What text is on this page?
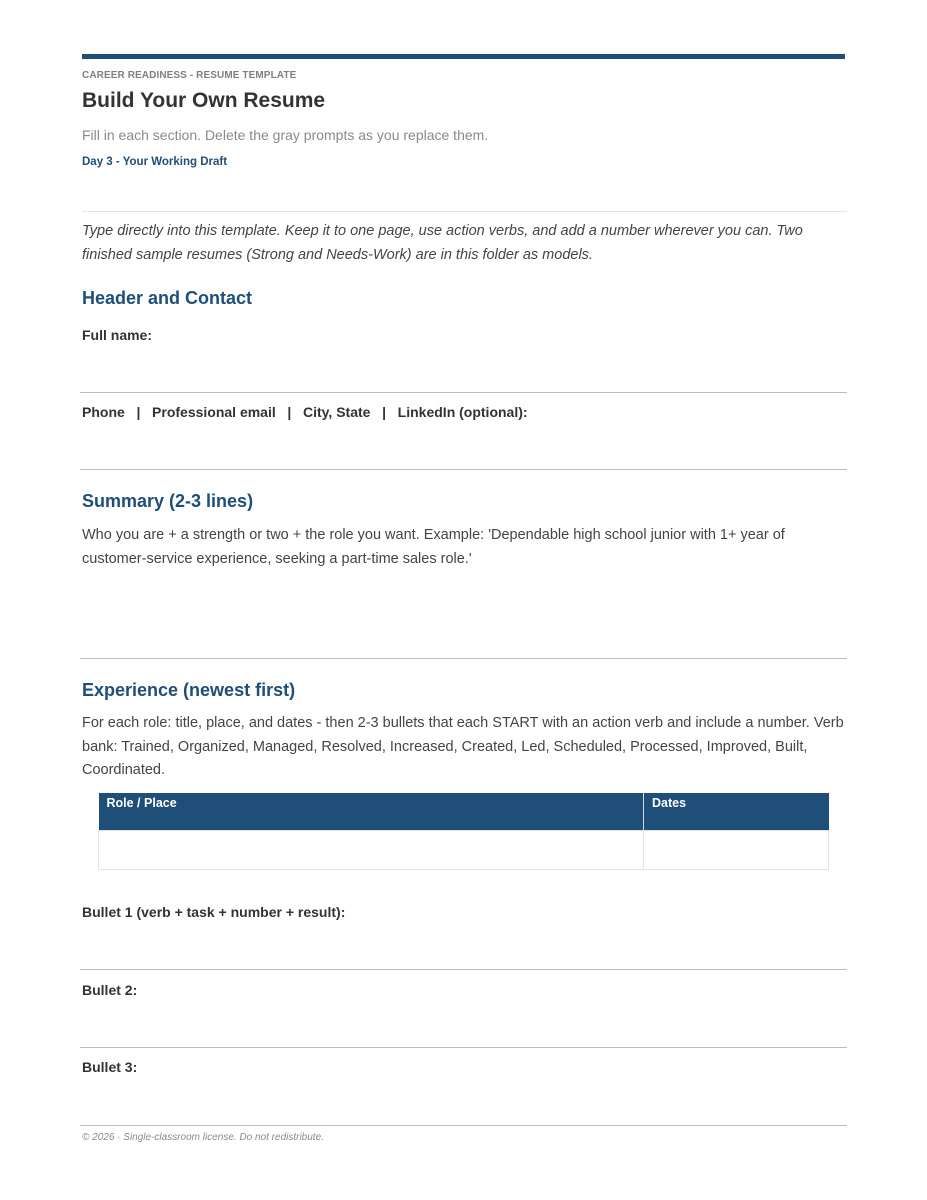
CAREER READINESS - RESUME TEMPLATE
Build Your Own Resume
Fill in each section. Delete the gray prompts as you replace them.
Day 3 - Your Working Draft
Type directly into this template. Keep it to one page, use action verbs, and add a number wherever you can. Two finished sample resumes (Strong and Needs-Work) are in this folder as models.
Header and Contact
Full name:
Phone   |   Professional email   |   City, State   |   LinkedIn (optional):
Summary (2-3 lines)
Who you are + a strength or two + the role you want. Example: 'Dependable high school junior with 1+ year of customer-service experience, seeking a part-time sales role.'
Experience (newest first)
For each role: title, place, and dates - then 2-3 bullets that each START with an action verb and include a number. Verb bank: Trained, Organized, Managed, Resolved, Increased, Created, Led, Scheduled, Processed, Improved, Built, Coordinated.
Role / Place	Dates

Bullet 1 (verb + task + number + result):
Bullet 2:
Bullet 3:
© 2026 · Single-classroom license. Do not redistribute.
